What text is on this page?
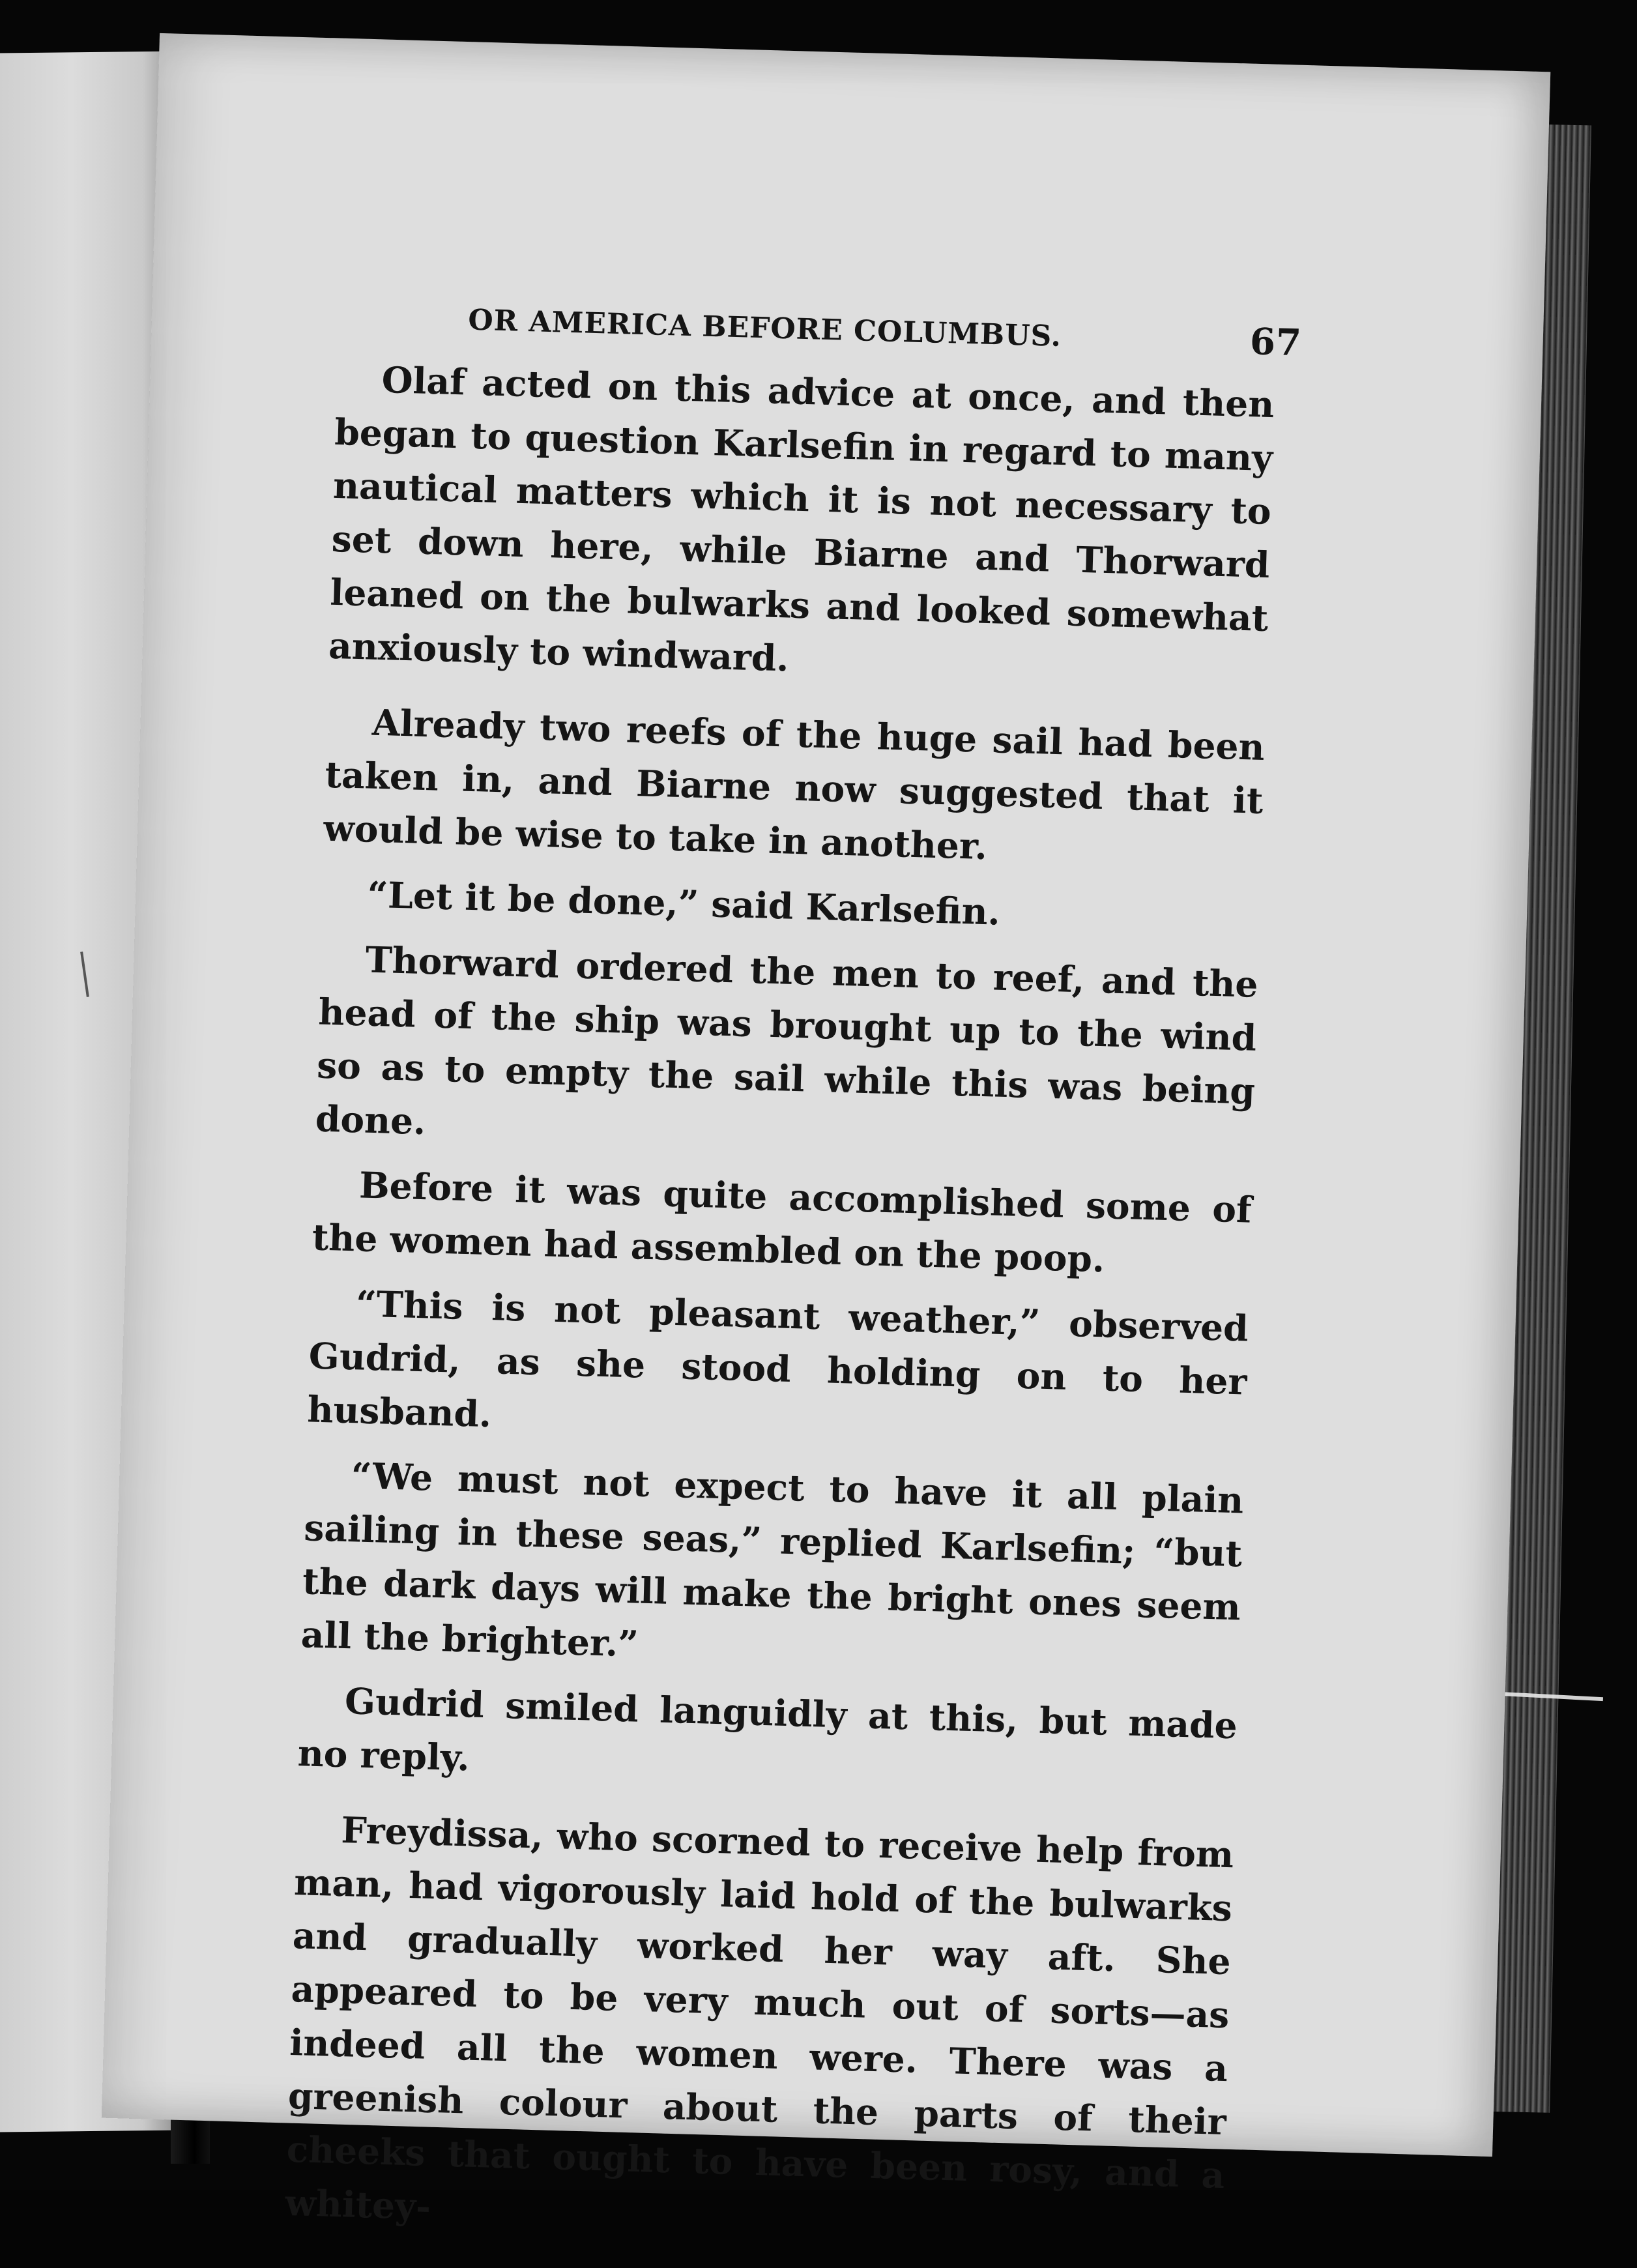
OR AMERICA BEFORE COLUMBUS.	67

Olaf acted on this advice at once, and then began to question Karlsefin in regard to many nautical matters which it is not necessary to set down here, while Biarne and Thorward leaned on the bulwarks and looked somewhat anxiously to windward.

Already two reefs of the huge sail had been taken in, and Biarne now suggested that it would be wise to take in another.

“Let it be done,” said Karlsefin.

Thorward ordered the men to reef, and the head of the ship was brought up to the wind so as to empty the sail while this was being done.

Before it was quite accomplished some of the women had assembled on the poop.

“This is not pleasant weather,” observed Gudrid, as she stood holding on to her husband.

“We must not expect to have it all plain sailing in these seas,” replied Karlsefin; “but the dark days will make the bright ones seem all the brighter.”

Gudrid smiled languidly at this, but made no reply.

Freydissa, who scorned to receive help from man, had vigorously laid hold of the bulwarks and gradually worked her way aft. She appeared to be very much out of sorts—as indeed all the women were. There was a greenish colour about the parts of their cheeks that ought to have been rosy, and a whitey-
